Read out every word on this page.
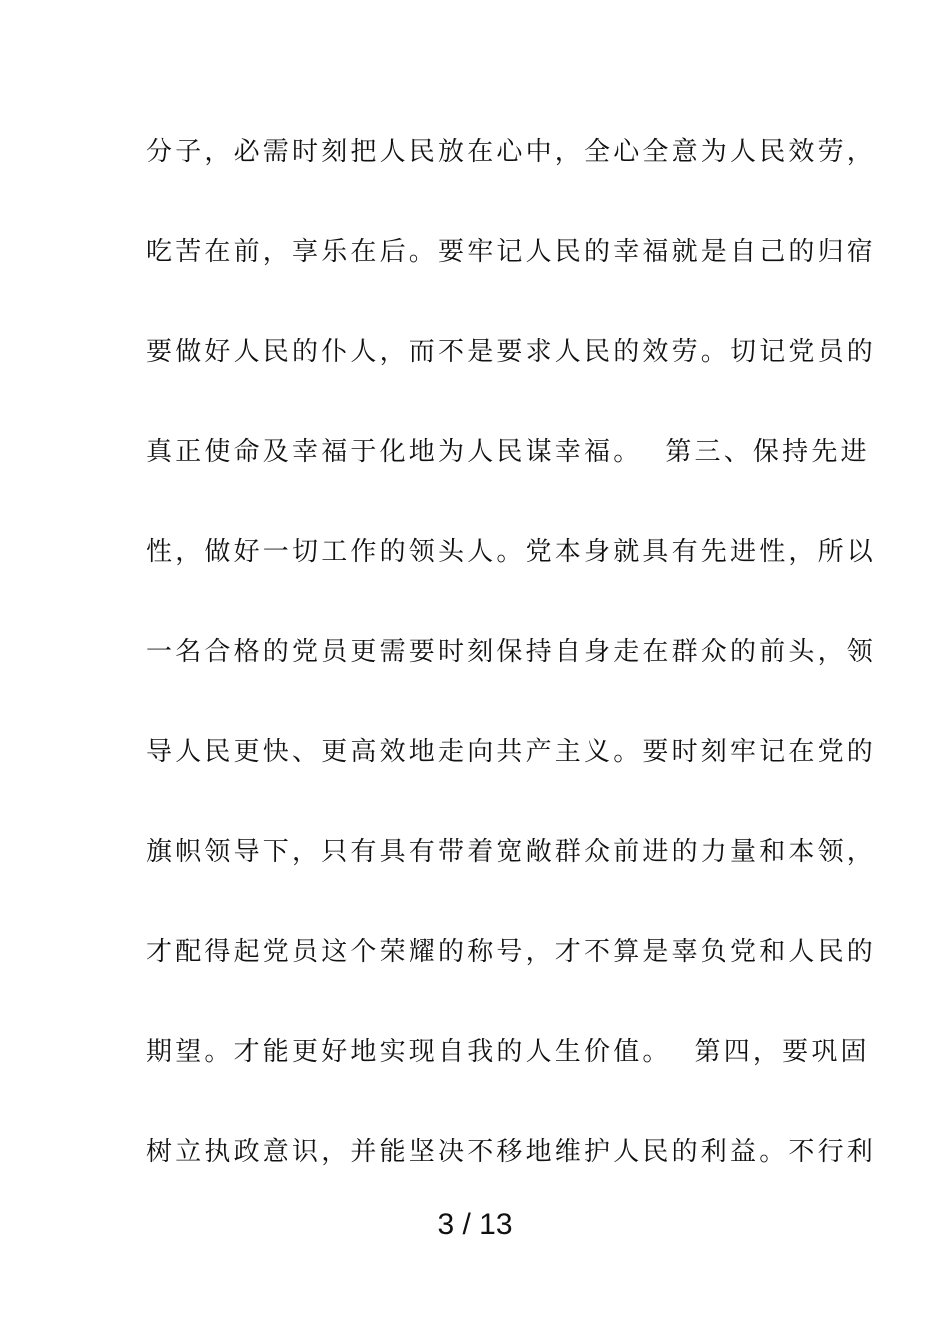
分子，必需时刻把人民放在心中，全心全意为人民效劳，
吃苦在前，享乐在后。要牢记人民的幸福就是自己的归宿
要做好人民的仆人，而不是要求人民的效劳。切记党员的
真正使命及幸福于化地为人民谋幸福。  第三、保持先进
性，做好一切工作的领头人。党本身就具有先进性，所以
一名合格的党员更需要时刻保持自身走在群众的前头，领
导人民更快、更高效地走向共产主义。要时刻牢记在党的
旗帜领导下，只有具有带着宽敞群众前进的力量和本领，
才配得起党员这个荣耀的称号，才不算是辜负党和人民的
期望。才能更好地实现自我的人生价值。  第四，要巩固
树立执政意识，并能坚决不移地维护人民的利益。不行利
3 / 13
